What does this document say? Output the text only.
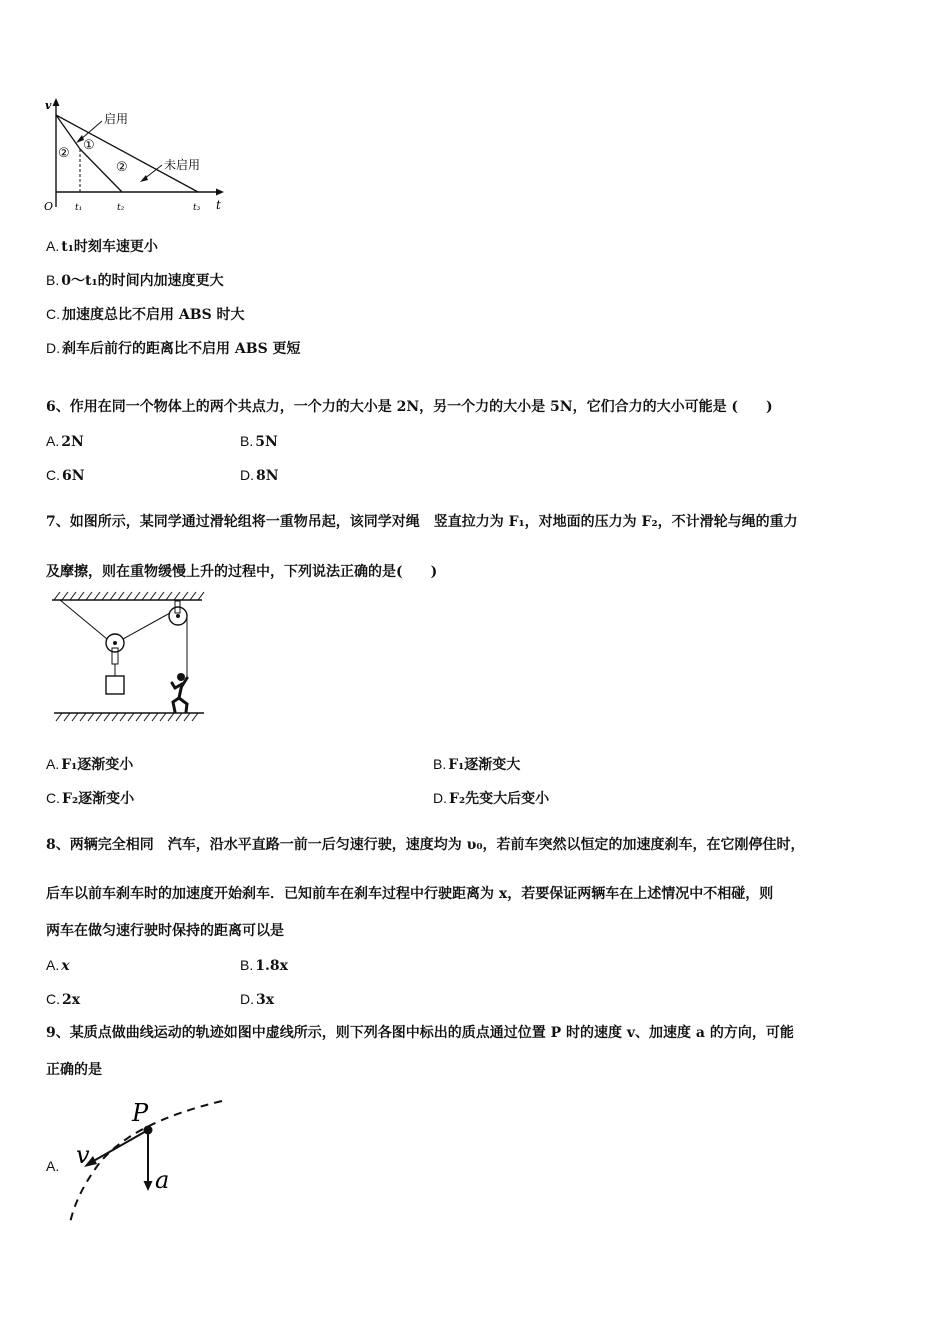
v
t
O t₁	t₂	t₃
启用
未启用
①
②
②
A. t₁时刻车速更小
B. 0～t₁的时间内加速度更大
C. 加速度总比不启用 ABS 时大
D. 刹车后前行的距离比不启用 ABS 更短
6、作用在同一个物体上的两个共点力，一个力的大小是 2N，另一个力的大小是 5N，它们合力的大小可能是 (　　)
A. 2N	B. 5N
C. 6N	D. 8N
7、如图所示，某同学通过滑轮组将一重物吊起，该同学对绳　竖直拉力为 F₁，对地面的压力为 F₂，不计滑轮与绳的重力
及摩擦，则在重物缓慢上升的过程中，下列说法正确的是(　　)
A. F₁逐渐变小	B. F₁逐渐变大
C. F₂逐渐变小	D. F₂先变大后变小
8、两辆完全相同　汽车，沿水平直路一前一后匀速行驶，速度均为 υ₀，若前车突然以恒定的加速度刹车，在它刚停住时，
后车以前车刹车时的加速度开始刹车．已知前车在刹车过程中行驶距离为 x，若要保证两辆车在上述情况中不相碰，则
两车在做匀速行驶时保持的距离可以是
A. x	B. 1.8x
C. 2x	D. 3x
9、某质点做曲线运动的轨迹如图中虚线所示，则下列各图中标出的质点通过位置 P 时的速度 v、加速度 a 的方向，可能
正确的是
A.
P
v
a
